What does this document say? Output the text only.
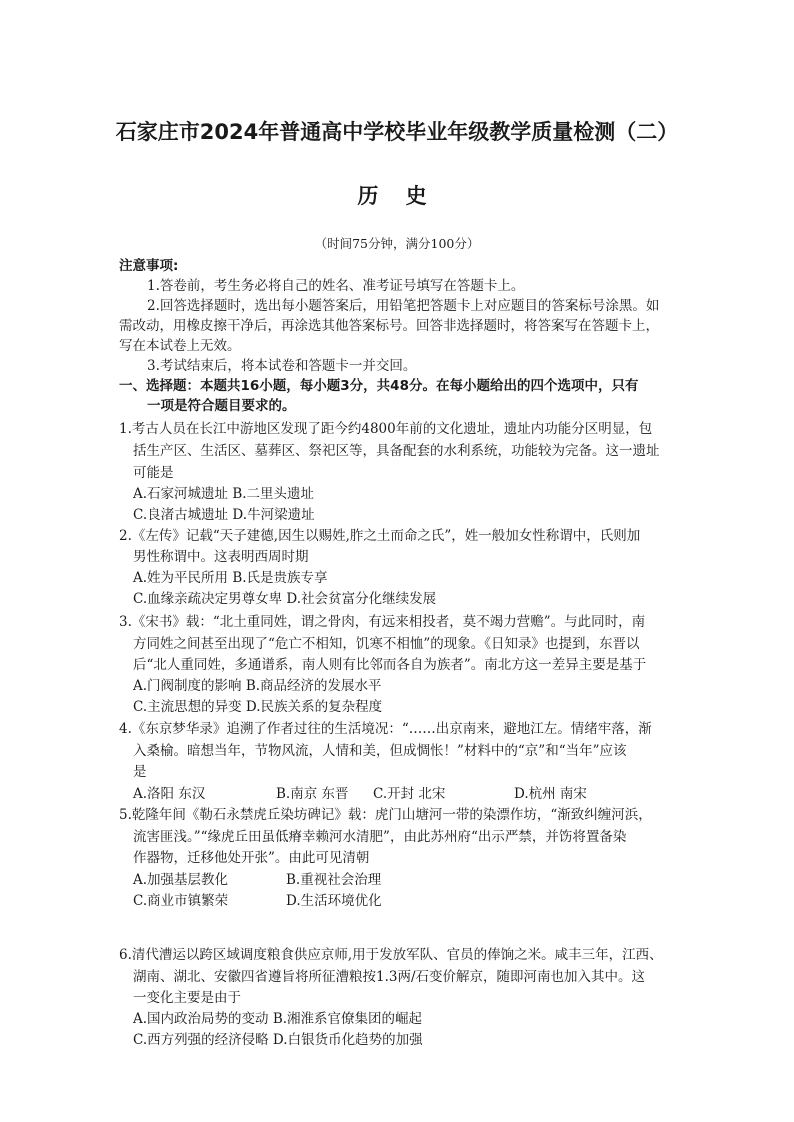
石家庄市2024年普通高中学校毕业年级教学质量检测（二）
历 史
（时间75分钟，满分100分）
注意事项:
1.答卷前，考生务必将自己的姓名、准考证号填写在答题卡上。
2.回答选择题时，选出每小题答案后，用铅笔把答题卡上对应题目的答案标号涂黑。如
需改动，用橡皮擦干净后，再涂选其他答案标号。回答非选择题时，将答案写在答题卡上，
写在本试卷上无效。
3.考试结束后，将本试卷和答题卡一并交回。
一、选择题：本题共16小题，每小题3分，共48分。在每小题给出的四个选项中，只有
一项是符合题目要求的。
1.考古人员在长江中游地区发现了距今约4800年前的文化遗址，遗址内功能分区明显，包
括生产区、生活区、墓葬区、祭祀区等，具备配套的水利系统，功能较为完备。这一遗址
可能是
A.石家河城遗址 B.二里头遗址
C.良渚古城遗址 D.牛河梁遗址
2.《左传》记载“天子建德,因生以赐姓,胙之土而命之氏”，姓一般加女性称谓中，氏则加
男性称谓中。这表明西周时期
A.姓为平民所用 B.氏是贵族专享
C.血缘亲疏决定男尊女卑 D.社会贫富分化继续发展
3.《宋书》载：“北土重同姓，谓之骨肉，有远来相投者，莫不竭力营赡”。与此同时，南
方同姓之间甚至出现了“危亡不相知，饥寒不相恤”的现象。《日知录》也提到，东晋以
后“北人重同姓，多通谱系，南人则有比邻而各自为族者”。南北方这一差异主要是基于
A.门阀制度的影响 B.商品经济的发展水平
C.主流思想的异变 D.民族关系的复杂程度
4.《东京梦华录》追溯了作者过往的生活境况：“……出京南来，避地江左。情绪牢落，渐
入桑榆。暗想当年，节物风流，人情和美，但成惆怅！”材料中的“京”和“当年”应该
是
A.洛阳 东汉	B.南京 东晋 C.开封 北宋	D.杭州 南宋
5.乾隆年间《勒石永禁虎丘染坊碑记》载：虎门山塘河一带的染漂作坊，“渐致纠缠河浜，
流害匪浅。”“缘虎丘田虽低瘠幸赖河水清肥”，由此苏州府“出示严禁，并饬将置备染
作器物，迁移他处开张”。由此可见清朝
A.加强基层教化	B.重视社会治理
C.商业市镇繁荣	D.生活环境优化
6.清代漕运以跨区域调度粮食供应京师,用于发放军队、官员的俸饷之米。咸丰三年，江西、
湖南、湖北、安徽四省遵旨将所征漕粮按1.3两/石变价解京，随即河南也加入其中。这
一变化主要是由于
A.国内政治局势的变动 B.湘淮系官僚集团的崛起
C.西方列强的经济侵略 D.白银货币化趋势的加强
